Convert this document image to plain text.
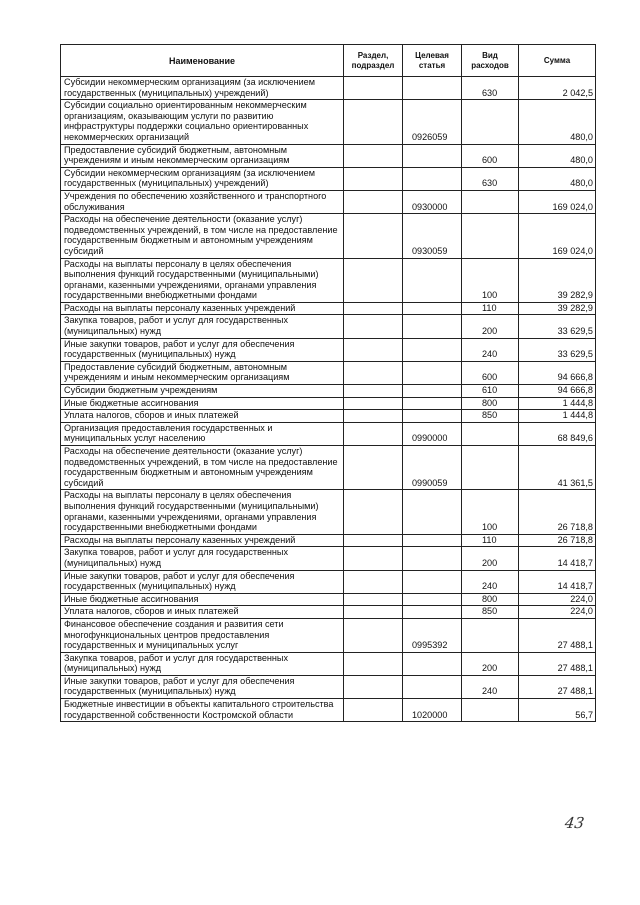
Наименование	Раздел, подраздел	Целевая статья	Вид расходов	Сумма
Субсидии некоммерческим организациям (за исключением государственных (муниципальных) учреждений)			630	2 042,5
Субсидии социально ориентированным некоммерческим организациям, оказывающим услуги по развитию инфраструктуры поддержки социально ориентированных некоммерческих организаций		0926059		480,0
Предоставление субсидий бюджетным, автономным учреждениям и иным некоммерческим организациям			600	480,0
Субсидии некоммерческим организациям (за исключением государственных (муниципальных) учреждений)			630	480,0
Учреждения по обеспечению хозяйственного и транспортного обслуживания		0930000		169 024,0
Расходы на обеспечение деятельности (оказание услуг) подведомственных учреждений, в том числе на предоставление государственным бюджетным и автономным учреждениям субсидий		0930059		169 024,0
Расходы на выплаты персоналу в целях обеспечения выполнения функций государственными (муниципальными) органами, казенными учреждениями, органами управления государственными внебюджетными фондами			100	39 282,9
Расходы на выплаты персоналу казенных учреждений			110	39 282,9
Закупка товаров, работ и услуг для государственных (муниципальных) нужд			200	33 629,5
Иные закупки товаров, работ и услуг для обеспечения государственных (муниципальных) нужд			240	33 629,5
Предоставление субсидий бюджетным, автономным учреждениям и иным некоммерческим организациям			600	94 666,8
Субсидии бюджетным учреждениям			610	94 666,8
Иные бюджетные ассигнования			800	1 444,8
Уплата налогов, сборов и иных платежей			850	1 444,8
Организация предоставления государственных и муниципальных услуг населению		0990000		68 849,6
Расходы на обеспечение деятельности (оказание услуг) подведомственных учреждений, в том числе на предоставление государственным бюджетным и автономным учреждениям субсидий		0990059		41 361,5
Расходы на выплаты персоналу в целях обеспечения выполнения функций государственными (муниципальными) органами, казенными учреждениями, органами управления государственными внебюджетными фондами			100	26 718,8
Расходы на выплаты персоналу казенных учреждений			110	26 718,8
Закупка товаров, работ и услуг для государственных (муниципальных) нужд			200	14 418,7
Иные закупки товаров, работ и услуг для обеспечения государственных (муниципальных) нужд			240	14 418,7
Иные бюджетные ассигнования			800	224,0
Уплата налогов, сборов и иных платежей			850	224,0
Финансовое обеспечение создания и развития сети многофункциональных центров предоставления государственных и муниципальных услуг		0995392		27 488,1
Закупка товаров, работ и услуг для государственных (муниципальных) нужд			200	27 488,1
Иные закупки товаров, работ и услуг для обеспечения государственных (муниципальных) нужд			240	27 488,1
Бюджетные инвестиции в объекты капитального строительства государственной собственности Костромской области		1020000		56,7
43
